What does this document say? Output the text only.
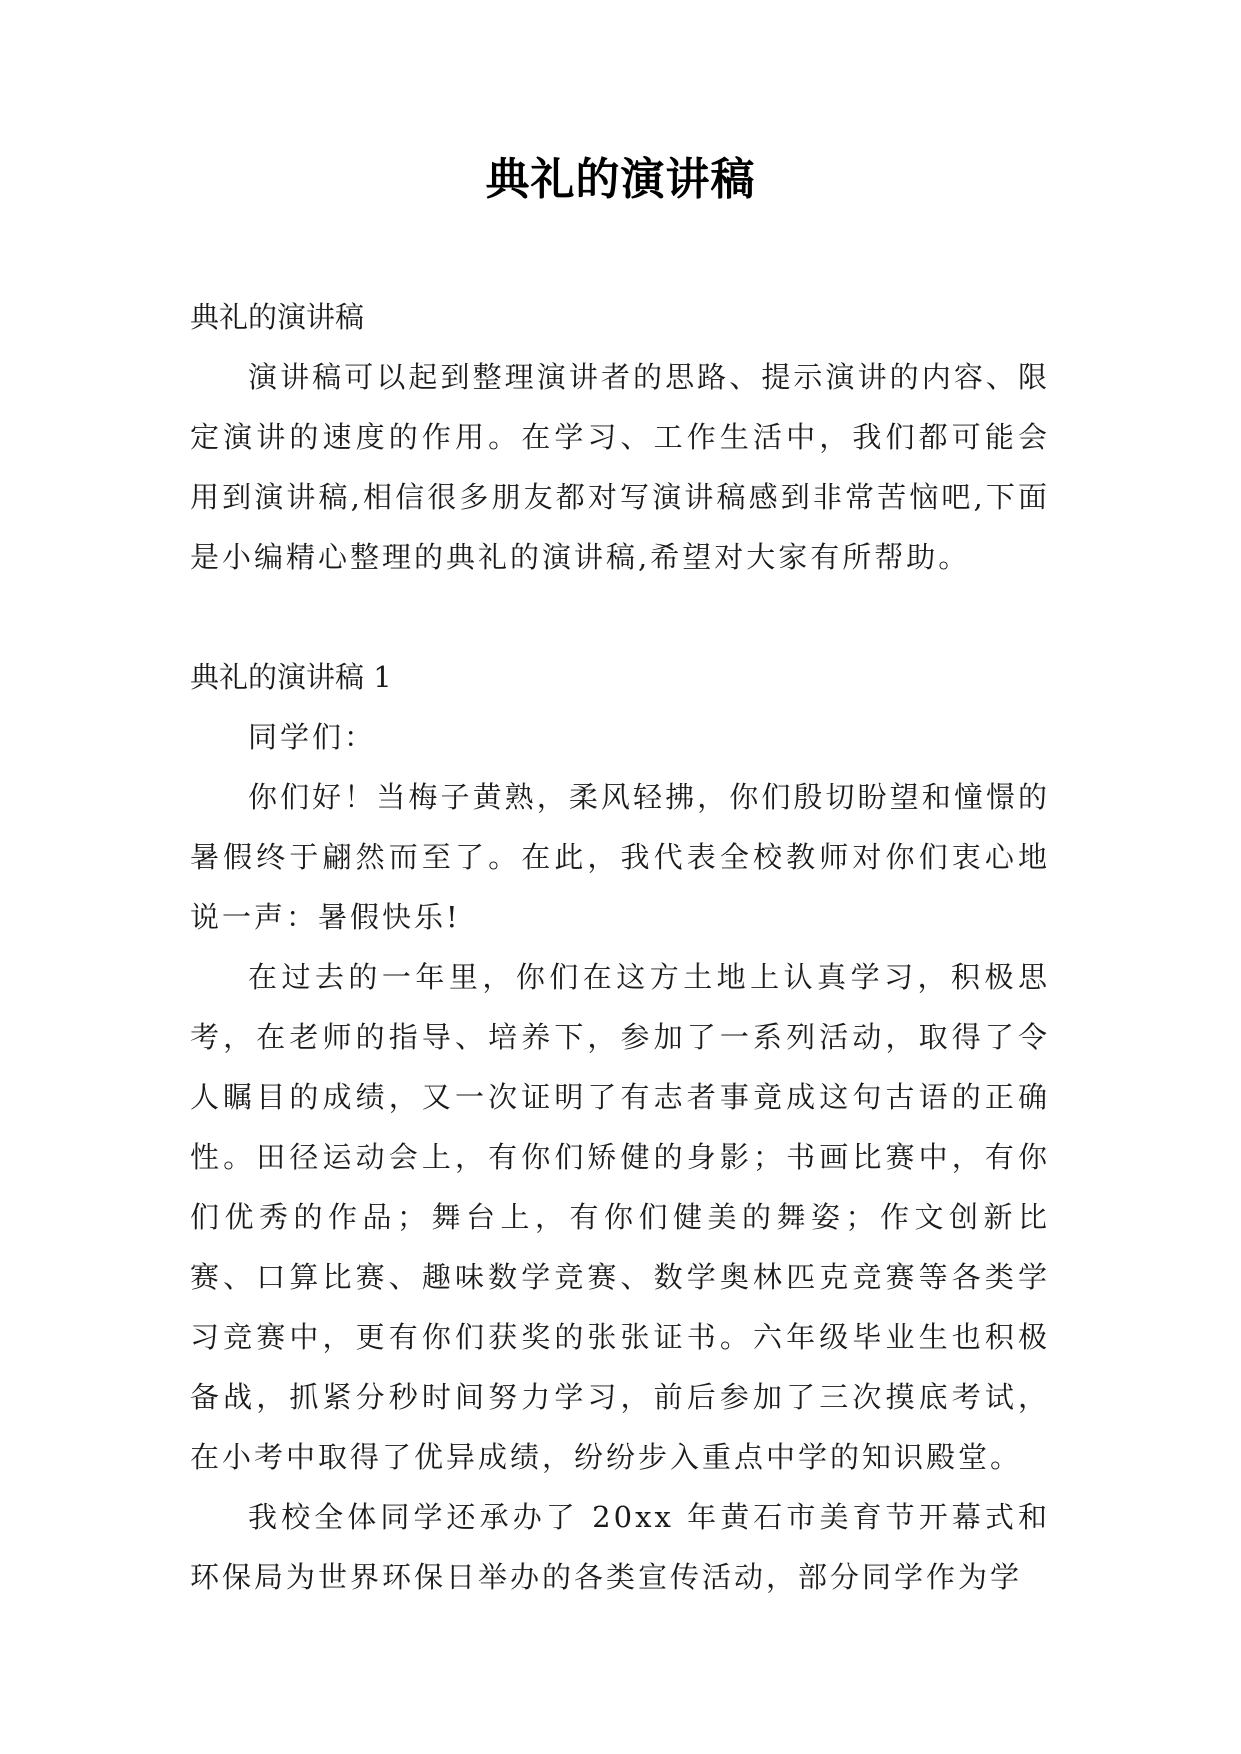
典礼的演讲稿

典礼的演讲稿

演讲稿可以起到整理演讲者的思路、提示演讲的内容、限定演讲的速度的作用。在学习、工作生活中，我们都可能会用到演讲稿,相信很多朋友都对写演讲稿感到非常苦恼吧,下面是小编精心整理的典礼的演讲稿,希望对大家有所帮助。

典礼的演讲稿 1

同学们：

你们好！当梅子黄熟，柔风轻拂，你们殷切盼望和憧憬的暑假终于翩然而至了。在此，我代表全校教师对你们衷心地说一声：暑假快乐!

在过去的一年里，你们在这方土地上认真学习，积极思考，在老师的指导、培养下，参加了一系列活动，取得了令人瞩目的成绩，又一次证明了有志者事竟成这句古语的正确性。田径运动会上，有你们矫健的身影；书画比赛中，有你们优秀的作品；舞台上，有你们健美的舞姿；作文创新比赛、口算比赛、趣味数学竞赛、数学奥林匹克竞赛等各类学习竞赛中，更有你们获奖的张张证书。六年级毕业生也积极备战，抓紧分秒时间努力学习，前后参加了三次摸底考试，在小考中取得了优异成绩，纷纷步入重点中学的知识殿堂。

我校全体同学还承办了 20xx 年黄石市美育节开幕式和环保局为世界环保日举办的各类宣传活动，部分同学作为学
